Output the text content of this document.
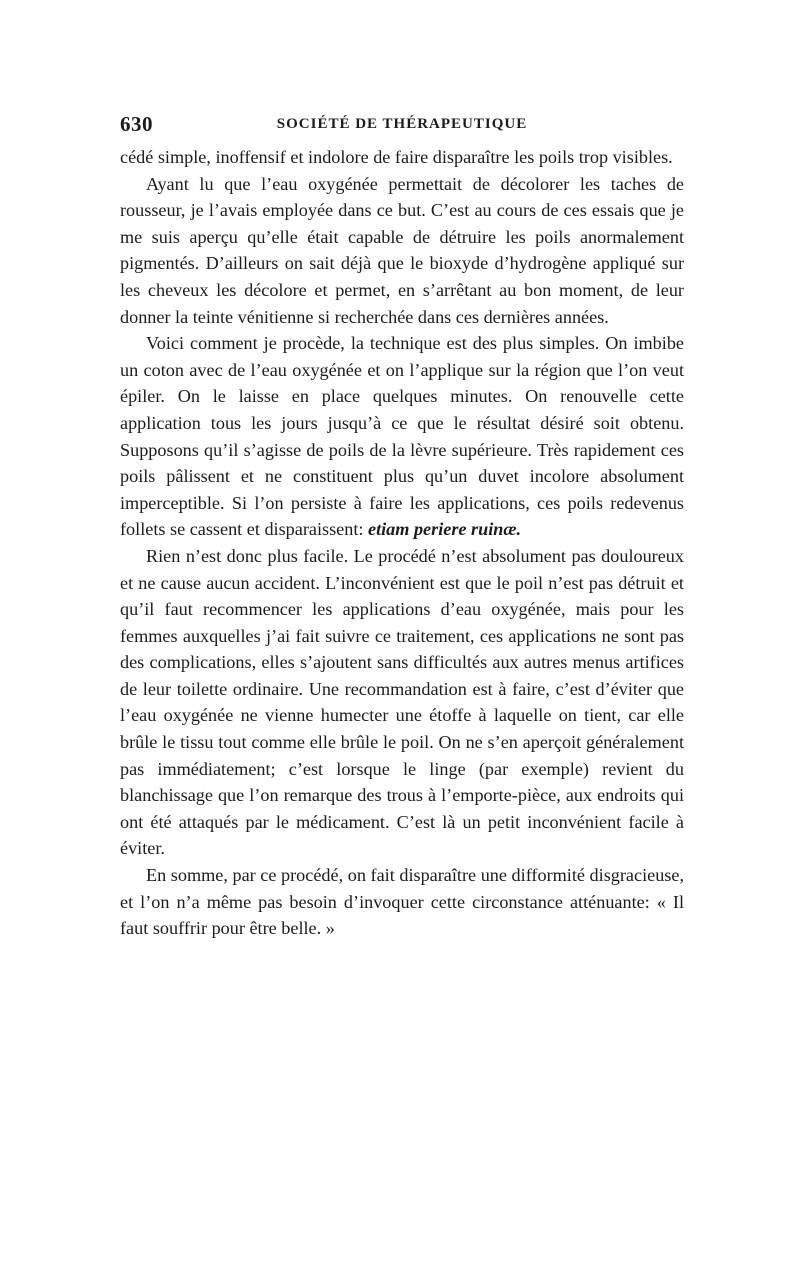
630	SOCIÉTÉ DE THÉRAPEUTIQUE

cédé simple, inoffensif et indolore de faire disparaître les poils trop visibles.

Ayant lu que l’eau oxygénée permettait de décolorer les taches de rousseur, je l’avais employée dans ce but. C’est au cours de ces essais que je me suis aperçu qu’elle était capable de détruire les poils anormalement pigmentés. D’ailleurs on sait déjà que le bioxyde d’hydrogène appliqué sur les cheveux les décolore et permet, en s’arrêtant au bon moment, de leur donner la teinte vénitienne si recherchée dans ces dernières années.

Voici comment je procède, la technique est des plus simples. On imbibe un coton avec de l’eau oxygénée et on l’applique sur la région que l’on veut épiler. On le laisse en place quelques minutes. On renouvelle cette application tous les jours jusqu’à ce que le résultat désiré soit obtenu. Supposons qu’il s’agisse de poils de la lèvre supérieure. Très rapidement ces poils pâlissent et ne constituent plus qu’un duvet incolore absolument imperceptible. Si l’on persiste à faire les applications, ces poils redevenus follets se cassent et disparaissent: etiam periere ruinæ.

Rien n’est donc plus facile. Le procédé n’est absolument pas douloureux et ne cause aucun accident. L’inconvénient est que le poil n’est pas détruit et qu’il faut recommencer les applications d’eau oxygénée, mais pour les femmes auxquelles j’ai fait suivre ce traitement, ces applications ne sont pas des complications, elles s’ajoutent sans difficultés aux autres menus artifices de leur toilette ordinaire. Une recommandation est à faire, c’est d’éviter que l’eau oxygénée ne vienne humecter une étoffe à laquelle on tient, car elle brûle le tissu tout comme elle brûle le poil. On ne s’en aperçoit généralement pas immédiatement; c’est lorsque le linge (par exemple) revient du blanchissage que l’on remarque des trous à l’emporte-pièce, aux endroits qui ont été attaqués par le médicament. C’est là un petit inconvénient facile à éviter.

En somme, par ce procédé, on fait disparaître une difformité disgracieuse, et l’on n’a même pas besoin d’invoquer cette circonstance atténuante: « Il faut souffrir pour être belle. »
